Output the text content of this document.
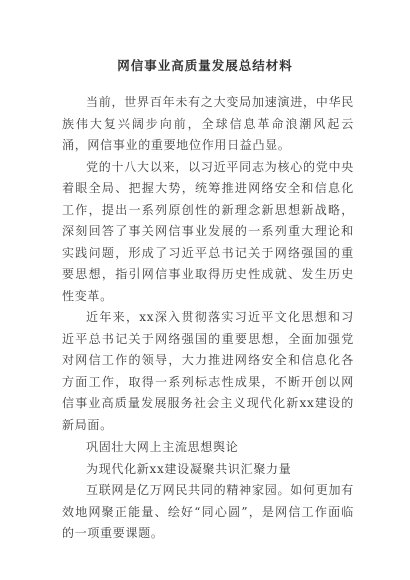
网信事业高质量发展总结材料

当前，世界百年未有之大变局加速演进，中华民族伟大复兴阔步向前，全球信息革命浪潮风起云涌，网信事业的重要地位作用日益凸显。

党的十八大以来，以习近平同志为核心的党中央着眼全局、把握大势，统筹推进网络安全和信息化工作，提出一系列原创性的新理念新思想新战略，深刻回答了事关网信事业发展的一系列重大理论和实践问题，形成了习近平总书记关于网络强国的重要思想，指引网信事业取得历史性成就、发生历史性变革。

近年来，xx深入贯彻落实习近平文化思想和习近平总书记关于网络强国的重要思想，全面加强党对网信工作的领导，大力推进网络安全和信息化各方面工作，取得一系列标志性成果，不断开创以网信事业高质量发展服务社会主义现代化新xx建设的新局面。

巩固壮大网上主流思想舆论

为现代化新xx建设凝聚共识汇聚力量

互联网是亿万网民共同的精神家园。如何更加有效地网聚正能量、绘好“同心圆”，是网信工作面临的一项重要课题。
